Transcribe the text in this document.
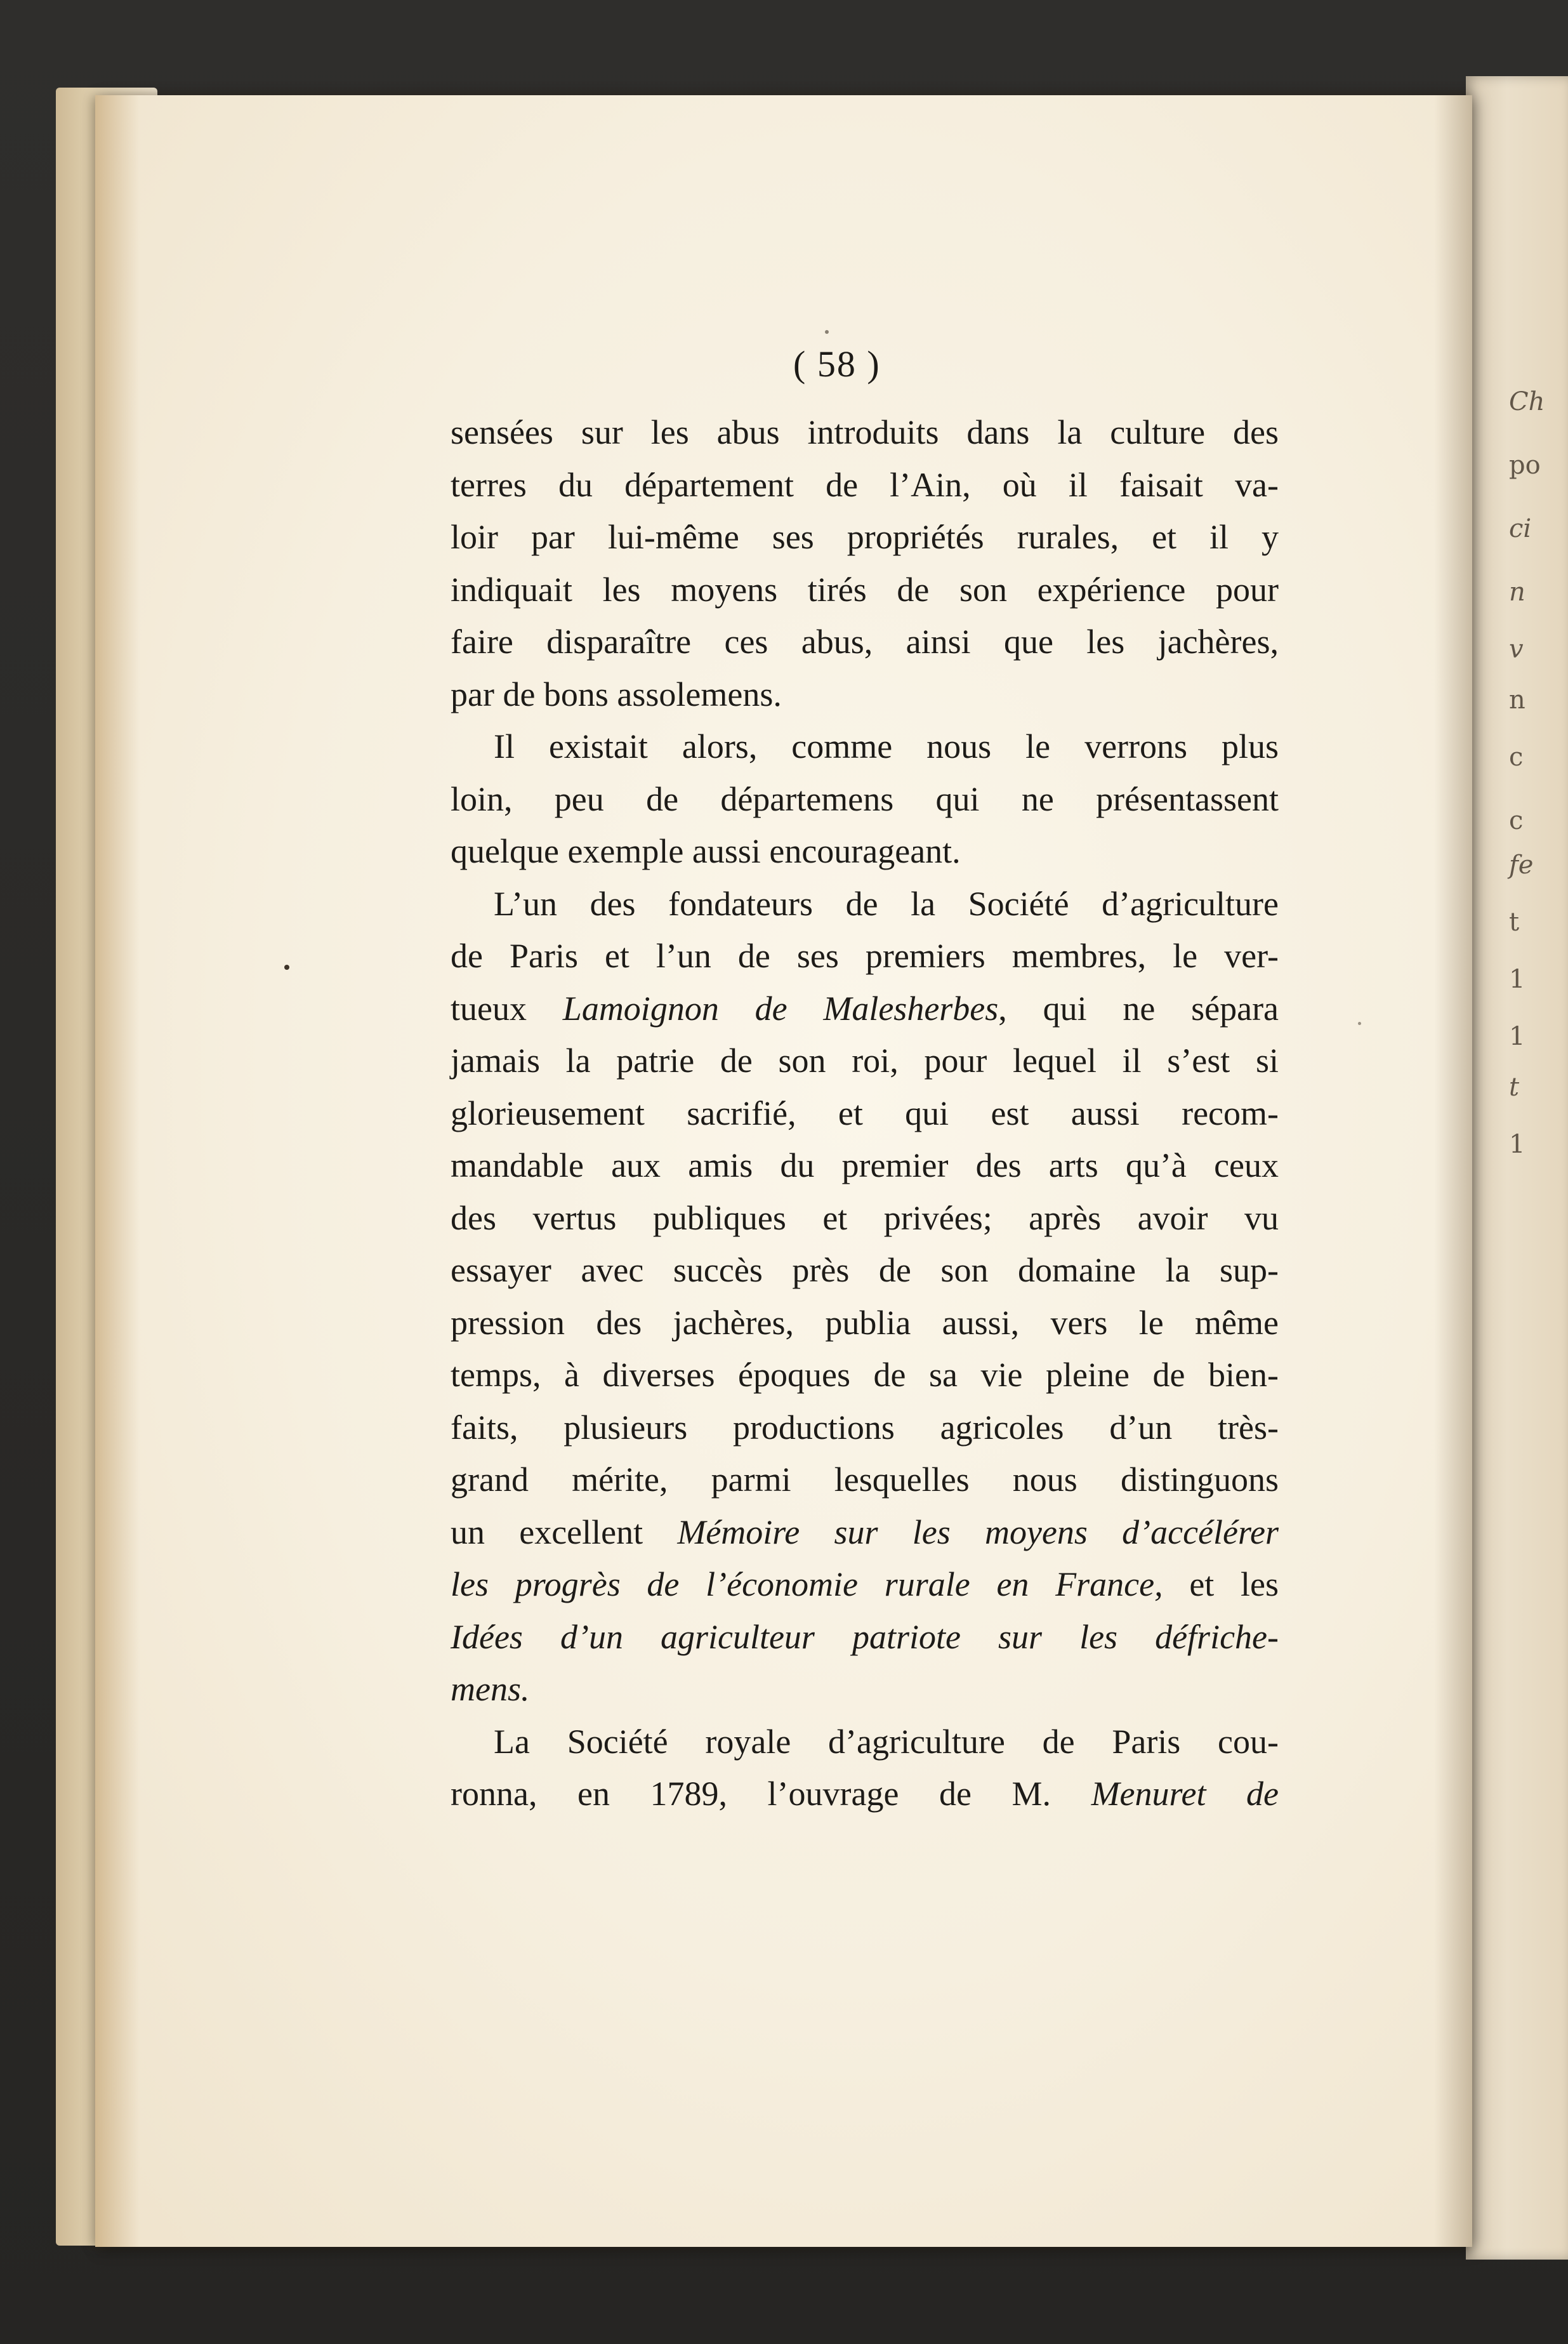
Ch
po
ci
n
v
n
c
c
fe
t
1
1
t
1
( 58 )

sensées sur les abus introduits dans la culture des

terres du département de l’Ain, où il faisait va-

loir par lui-même ses propriétés rurales, et il y

indiquait les moyens tirés de son expérience pour

faire disparaître ces abus, ainsi que les jachères,

par de bons assolemens.

Il existait alors, comme nous le verrons plus

loin, peu de départemens qui ne présentassent

quelque exemple aussi encourageant.

L’un des fondateurs de la Société d’agriculture

de Paris et l’un de ses premiers membres, le ver-

tueux Lamoignon de Malesherbes, qui ne sépara

jamais la patrie de son roi, pour lequel il s’est si

glorieusement sacrifié, et qui est aussi recom-

mandable aux amis du premier des arts qu’à ceux

des vertus publiques et privées; après avoir vu

essayer avec succès près de son domaine la sup-

pression des jachères, publia aussi, vers le même

temps, à diverses époques de sa vie pleine de bien-

faits, plusieurs productions agricoles d’un très-

grand mérite, parmi lesquelles nous distinguons

un excellent Mémoire sur les moyens d’accélérer

les progrès de l’économie rurale en France, et les

Idées d’un agriculteur patriote sur les défriche-

mens.

La Société royale d’agriculture de Paris cou-

ronna, en 1789, l’ouvrage de M. Menuret de
